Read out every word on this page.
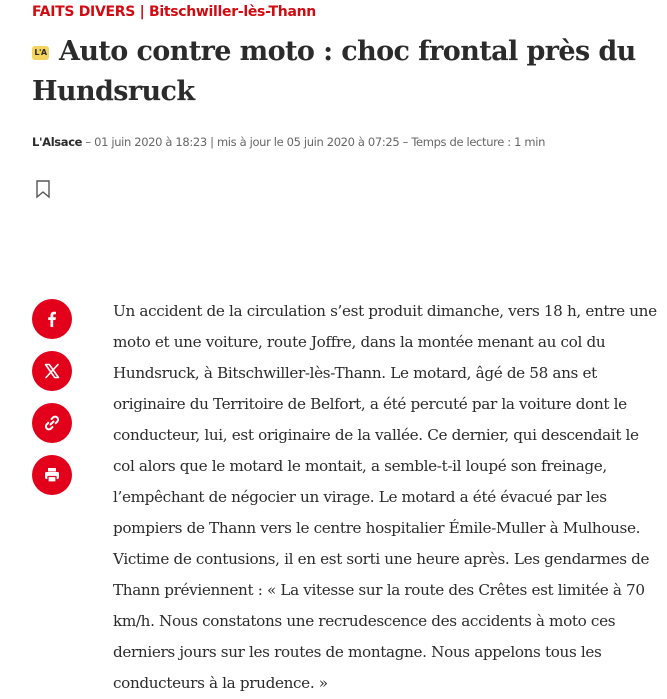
FAITS DIVERS | Bitschwiller-lès-Thann
L'A Auto contre moto : choc frontal près du Hundsruck
L'Alsace – 01 juin 2020 à 18:23 | mis à jour le 05 juin 2020 à 07:25 – Temps de lecture : 1 min

Un accident de la circulation s’est produit dimanche, vers 18 h, entre une moto et une voiture, route Joffre, dans la montée menant au col du Hundsruck, à Bitschwiller-lès-Thann. Le motard, âgé de 58 ans et originaire du Territoire de Belfort, a été percuté par la voiture dont le conducteur, lui, est originaire de la vallée. Ce dernier, qui descendait le col alors que le motard le montait, a semble-t-il loupé son freinage, l’empêchant de négocier un virage. Le motard a été évacué par les pompiers de Thann vers le centre hospitalier Émile-Muller à Mulhouse. Victime de contusions, il en est sorti une heure après. Les gendarmes de Thann préviennent : « La vitesse sur la route des Crêtes est limitée à 70 km/h. Nous constatons une recrudescence des accidents à moto ces derniers jours sur les routes de montagne. Nous appelons tous les conducteurs à la prudence. »
